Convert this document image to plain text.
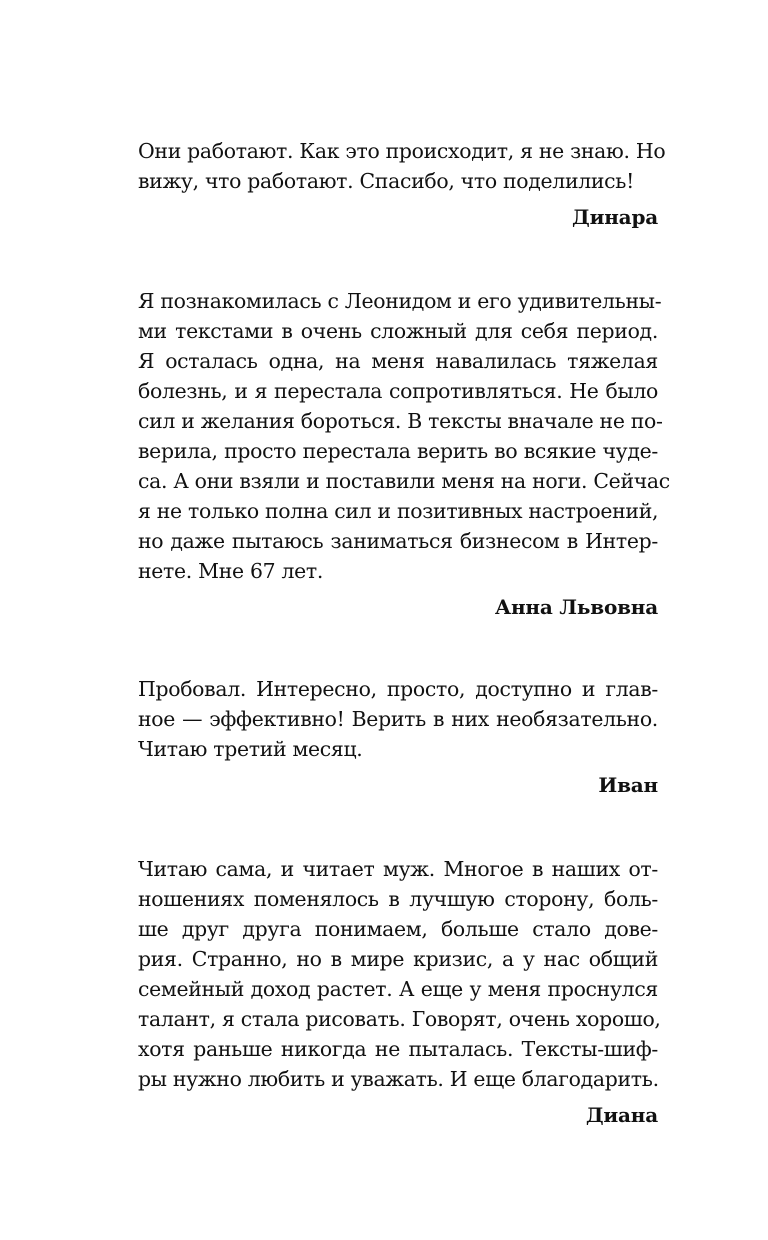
Они работают. Как это происходит, я не знаю. Но
вижу, что работают. Спасибо, что поделились!
Динара
Я познакомилась с Леонидом и его удивительны-
ми текстами в очень сложный для себя период.
Я осталась одна, на меня навалилась тяжелая
болезнь, и я перестала сопротивляться. Не было
сил и желания бороться. В тексты вначале не по-
верила, просто перестала верить во всякие чуде-
са. А они взяли и поставили меня на ноги. Сейчас
я не только полна сил и позитивных настроений,
но даже пытаюсь заниматься бизнесом в Интер-
нете. Мне 67 лет.
Анна Львовна
Пробовал. Интересно, просто, доступно и глав-
ное — эффективно! Верить в них необязательно.
Читаю третий месяц.
Иван
Читаю сама, и читает муж. Многое в наших от-
ношениях поменялось в лучшую сторону, боль-
ше друг друга понимаем, больше стало дове-
рия. Странно, но в мире кризис, а у нас общий
семейный доход растет. А еще у меня проснулся
талант, я стала рисовать. Говорят, очень хорошо,
хотя раньше никогда не пыталась. Тексты-шиф-
ры нужно любить и уважать. И еще благодарить.
Диана
